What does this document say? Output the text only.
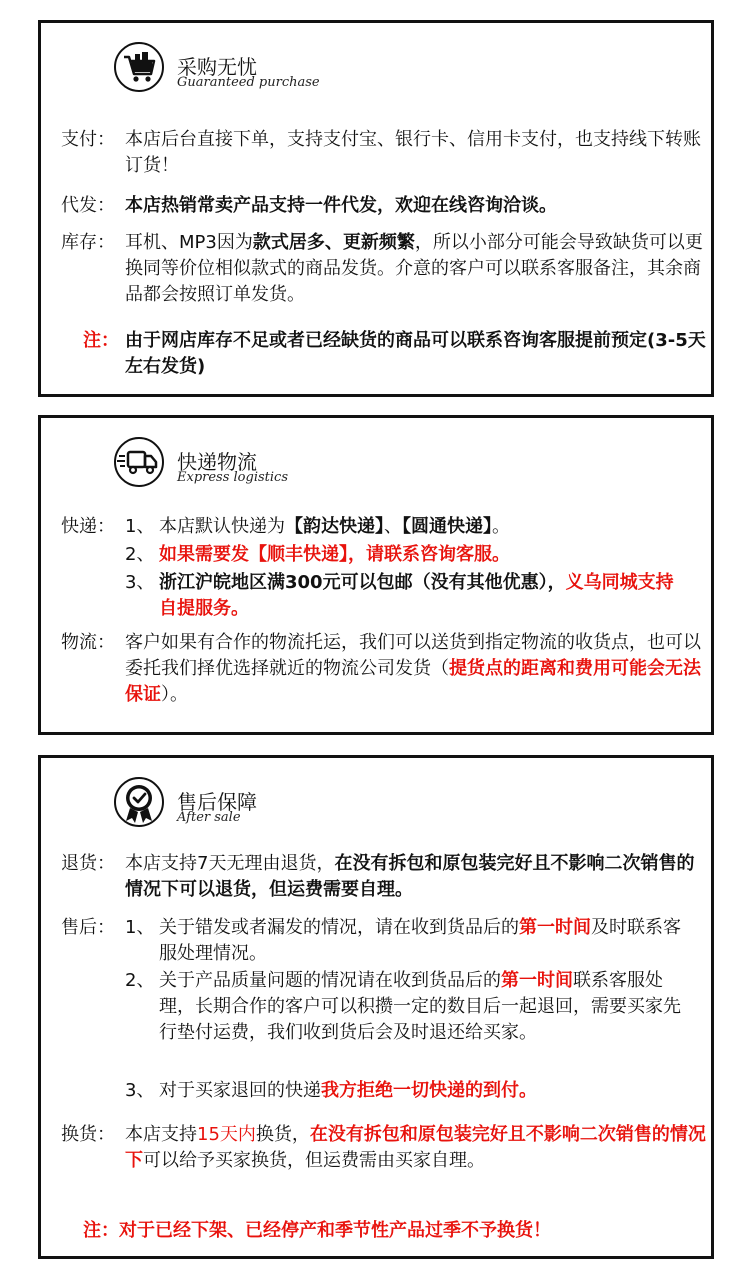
采购无忧
Guaranteed purchase
支付： 本店后台直接下单，支持支付宝、银行卡、信用卡支付，也支持线下转账订货！
代发： 本店热销常卖产品支持一件代发，欢迎在线咨询洽谈。
库存： 耳机、MP3因为款式居多、更新频繁，所以小部分可能会导致缺货可以更换同等价位相似款式的商品发货。介意的客户可以联系客服备注，其余商品都会按照订单发货。
注： 由于网店库存不足或者已经缺货的商品可以联系咨询客服提前预定(3-5天左右发货)
快递物流
Express logistics
快递： 1、 本店默认快递为【韵达快递】、【圆通快递】。
2、 如果需要发【顺丰快递】，请联系咨询客服。
3、 浙江沪皖地区满300元可以包邮（没有其他优惠），义乌同城支持自提服务。
物流： 客户如果有合作的物流托运，我们可以送货到指定物流的收货点，也可以委托我们择优选择就近的物流公司发货（提货点的距离和费用可能会无法保证）。
售后保障
After sale
退货： 本店支持7天无理由退货，在没有拆包和原包装完好且不影响二次销售的情况下可以退货，但运费需要自理。
售后： 1、 关于错发或者漏发的情况，请在收到货品后的第一时间及时联系客服处理情况。
2、 关于产品质量问题的情况请在收到货品后的第一时间联系客服处理，长期合作的客户可以积攒一定的数目后一起退回，需要买家先行垫付运费，我们收到货后会及时退还给买家。
3、 对于买家退回的快递我方拒绝一切快递的到付。
换货： 本店支持15天内换货，在没有拆包和原包装完好且不影响二次销售的情况下可以给予买家换货，但运费需由买家自理。
注：对于已经下架、已经停产和季节性产品过季不予换货！
